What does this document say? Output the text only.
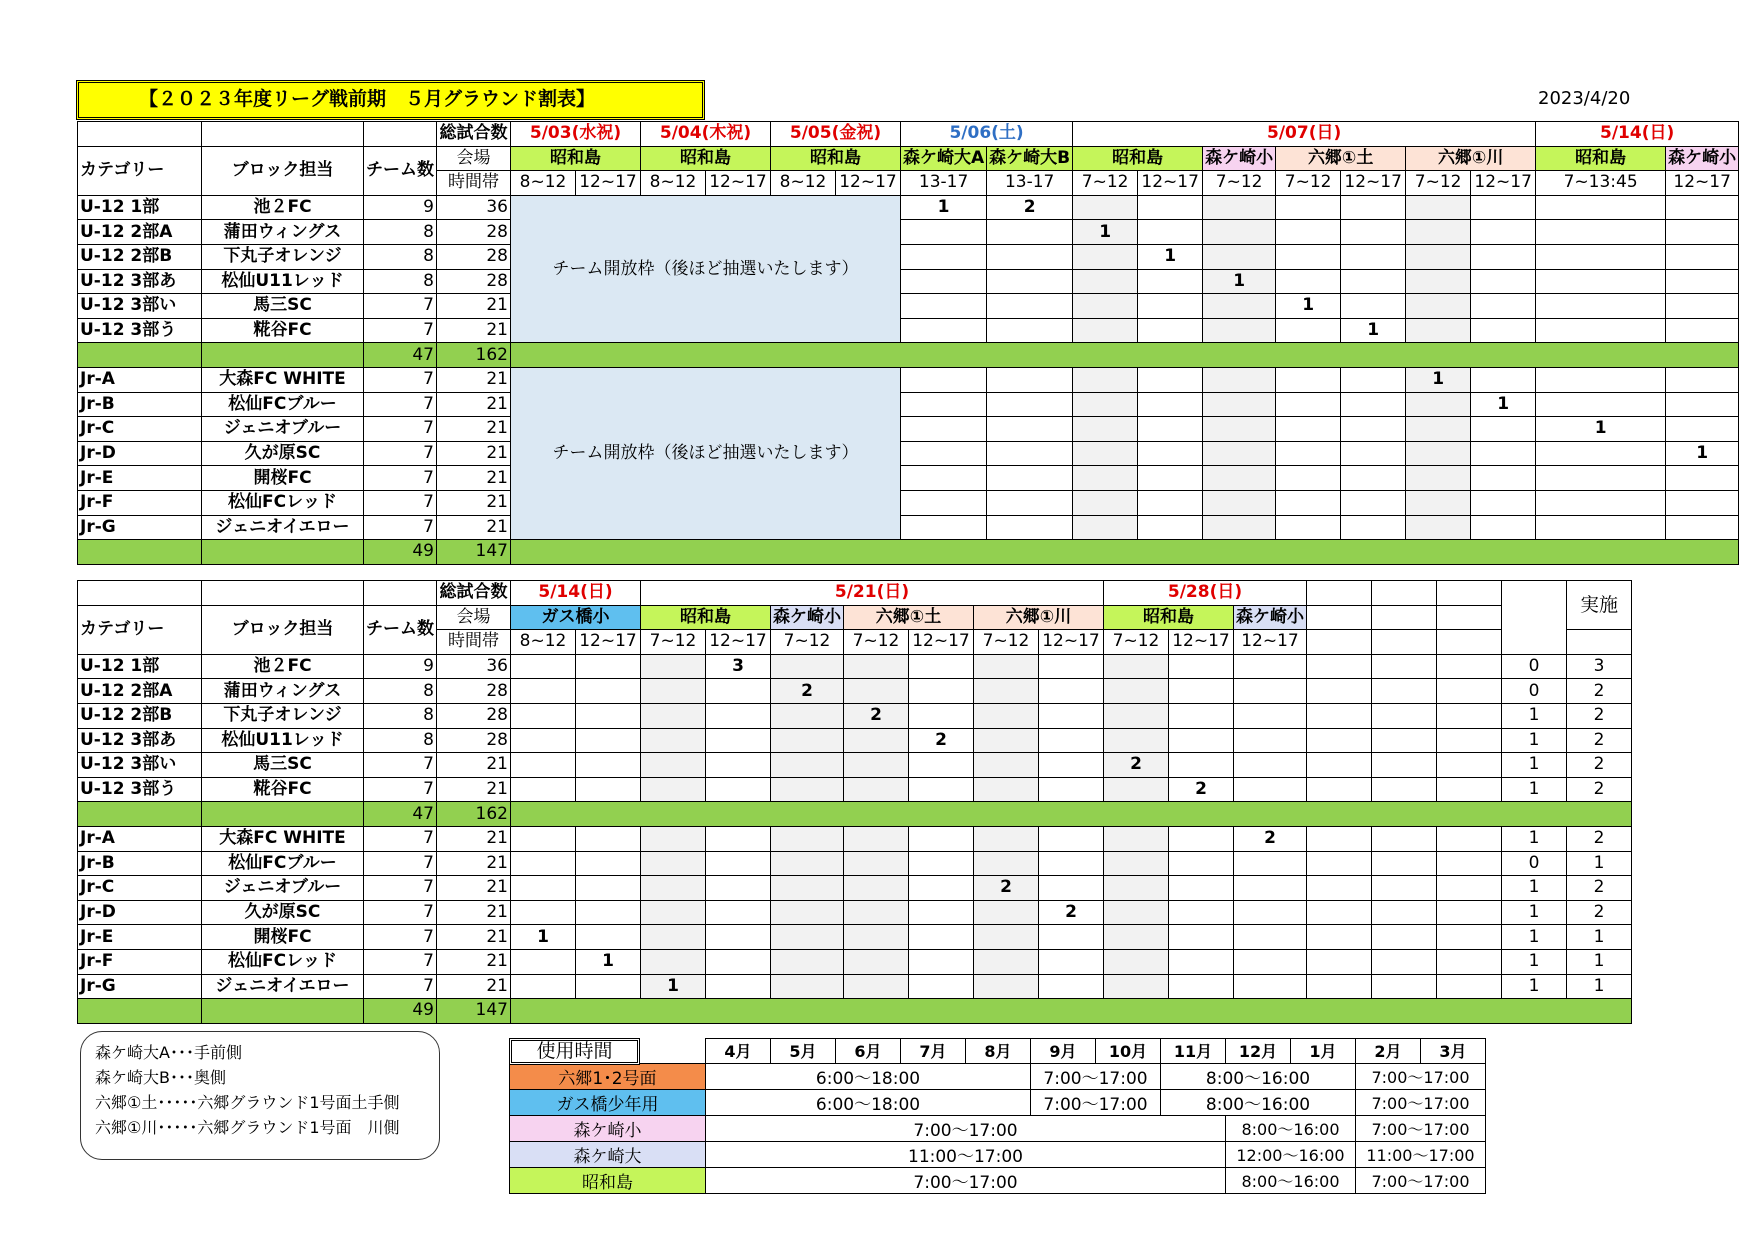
【２０２３年度リーグ戦前期　５月グラウンド割表】	2023/4/20
			総試合数	5/03(水祝)		5/04(木祝)		5/05(金祝)		5/06(土)		5/07(日)							5/14(日)	
カテゴリー	ブロック担当	チーム数	会場	昭和島		昭和島		昭和島		森ケ崎大A	森ケ崎大B	昭和島		森ケ崎小	六郷①土		六郷①川		昭和島	森ケ崎小
			時間帯	8~12	12~17	8~12	12~17	8~12	12~17	13-17	13-17	7~12	12~17	7~12	7~12	12~17	7~12	12~17	7~13:45	12~17
U-12 1部	池２FC	9	36	チーム開放枠（後ほど抽選いたします）						1	2									
U-12 2部A	蒲田ウィングス	8	28									1								
U-12 2部B	下丸子オレンジ	8	28										1							
U-12 3部あ	松仙U11レッド	8	28											1						
U-12 3部い	馬三SC	7	21												1					
U-12 3部う	糀谷FC	7	21													1				
		47	162																	
Jr-A	大森FC WHITE	7	21	チーム開放枠（後ほど抽選いたします）													1			
Jr-B	松仙FCブルー	7	21															1		
Jr-C	ジェニオブルー	7	21																1	
Jr-D	久が原SC	7	21																	1
Jr-E	開桜FC	7	21																	
Jr-F	松仙FCレッド	7	21																	
Jr-G	ジェニオイエロー	7	21																	
		49	147																	
			総試合数	5/14(日)		5/21(日)							5/28(日)							実施
カテゴリー	ブロック担当	チーム数	会場	ガス橋小		昭和島		森ケ崎小	六郷①土		六郷①川		昭和島		森ケ崎小					
			時間帯	8~12	12~17	7~12	12~17	7~12	7~12	12~17	7~12	12~17	7~12	12~17	12~17					
U-12 1部	池２FC	9	36				3												0	3
U-12 2部A	蒲田ウィングス	8	28					2											0	2
U-12 2部B	下丸子オレンジ	8	28						2										1	2
U-12 3部あ	松仙U11レッド	8	28							2									1	2
U-12 3部い	馬三SC	7	21										2						1	2
U-12 3部う	糀谷FC	7	21											2					1	2
		47	162																	
Jr-A	大森FC WHITE	7	21												2				1	2
Jr-B	松仙FCブルー	7	21																0	1
Jr-C	ジェニオブルー	7	21								2								1	2
Jr-D	久が原SC	7	21									2							1	2
Jr-E	開桜FC	7	21	1															1	1
Jr-F	松仙FCレッド	7	21		1														1	1
Jr-G	ジェニオイエロー	7	21			1													1	1
		49	147																	
森ケ崎大A･･･手前側
森ケ崎大B･･･奥側
六郷①土･････六郷グラウンド1号面土手側
六郷①川･････六郷グラウンド1号面　川側
	4月	5月	6月	7月	8月	9月	10月	11月	12月	1月	2月	3月
六郷1･2号面	6:00～18:00					7:00～17:00		8:00～16:00			7:00～17:00	
ガス橋少年用	6:00～18:00					7:00～17:00		8:00～16:00			7:00～17:00	
森ケ崎小	7:00～17:00								8:00～16:00		7:00～17:00	
森ケ崎大	11:00～17:00								12:00～16:00		11:00～17:00	
昭和島	7:00～17:00								8:00～16:00		7:00～17:00	
使用時間
